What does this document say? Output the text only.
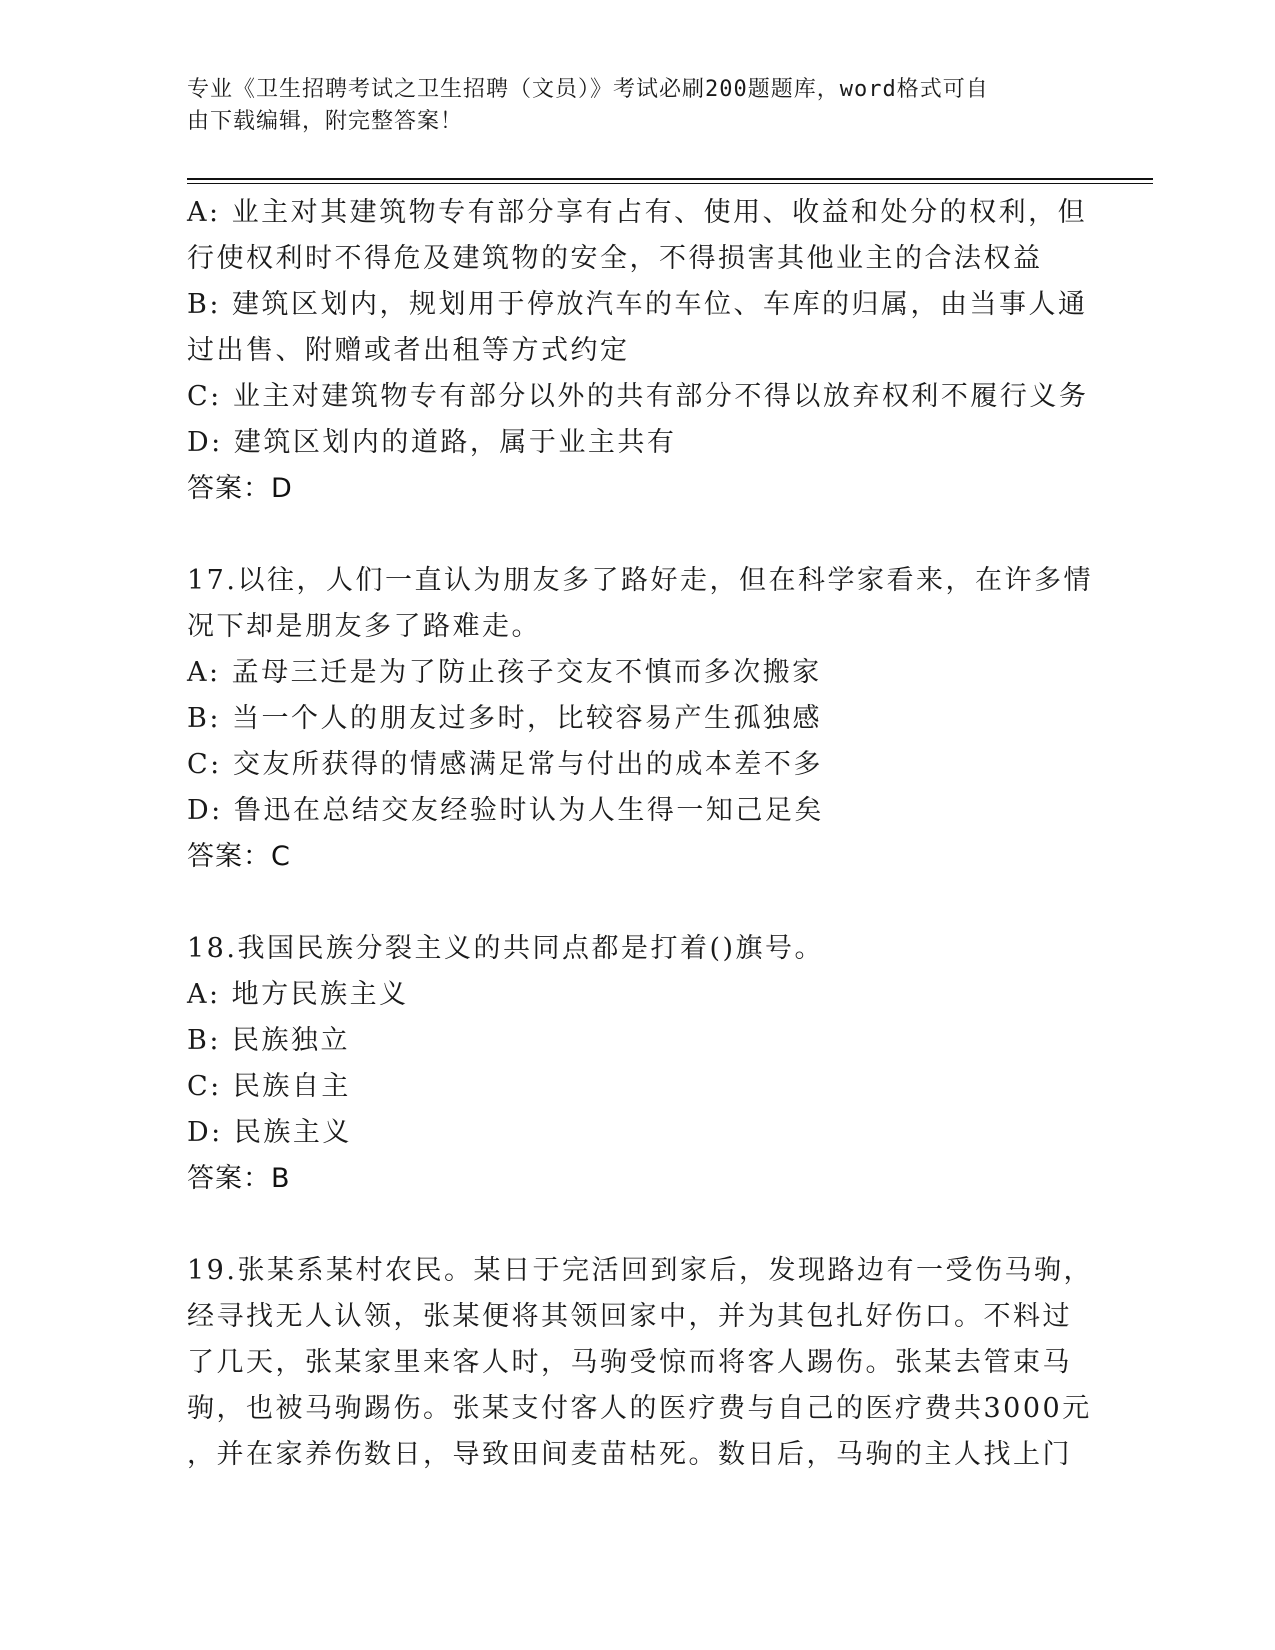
专业《卫生招聘考试之卫生招聘（文员）》考试必刷200题题库，word格式可自
由下载编辑，附完整答案！
A: 业主对其建筑物专有部分享有占有、使用、收益和处分的权利，但
行使权利时不得危及建筑物的安全，不得损害其他业主的合法权益
B: 建筑区划内，规划用于停放汽车的车位、车库的归属，由当事人通
过出售、附赠或者出租等方式约定
C: 业主对建筑物专有部分以外的共有部分不得以放弃权利不履行义务
D: 建筑区划内的道路，属于业主共有
答案：D
17.以往，人们一直认为朋友多了路好走，但在科学家看来，在许多情
况下却是朋友多了路难走。
A: 孟母三迁是为了防止孩子交友不慎而多次搬家
B: 当一个人的朋友过多时，比较容易产生孤独感
C: 交友所获得的情感满足常与付出的成本差不多
D: 鲁迅在总结交友经验时认为人生得一知己足矣
答案：C
18.我国民族分裂主义的共同点都是打着()旗号。
A: 地方民族主义
B: 民族独立
C: 民族自主
D: 民族主义
答案：B
19.张某系某村农民。某日于完活回到家后，发现路边有一受伤马驹，
经寻找无人认领，张某便将其领回家中，并为其包扎好伤口。不料过
了几天，张某家里来客人时，马驹受惊而将客人踢伤。张某去管束马
驹，也被马驹踢伤。张某支付客人的医疗费与自己的医疗费共3000元
，并在家养伤数日，导致田间麦苗枯死。数日后，马驹的主人找上门
